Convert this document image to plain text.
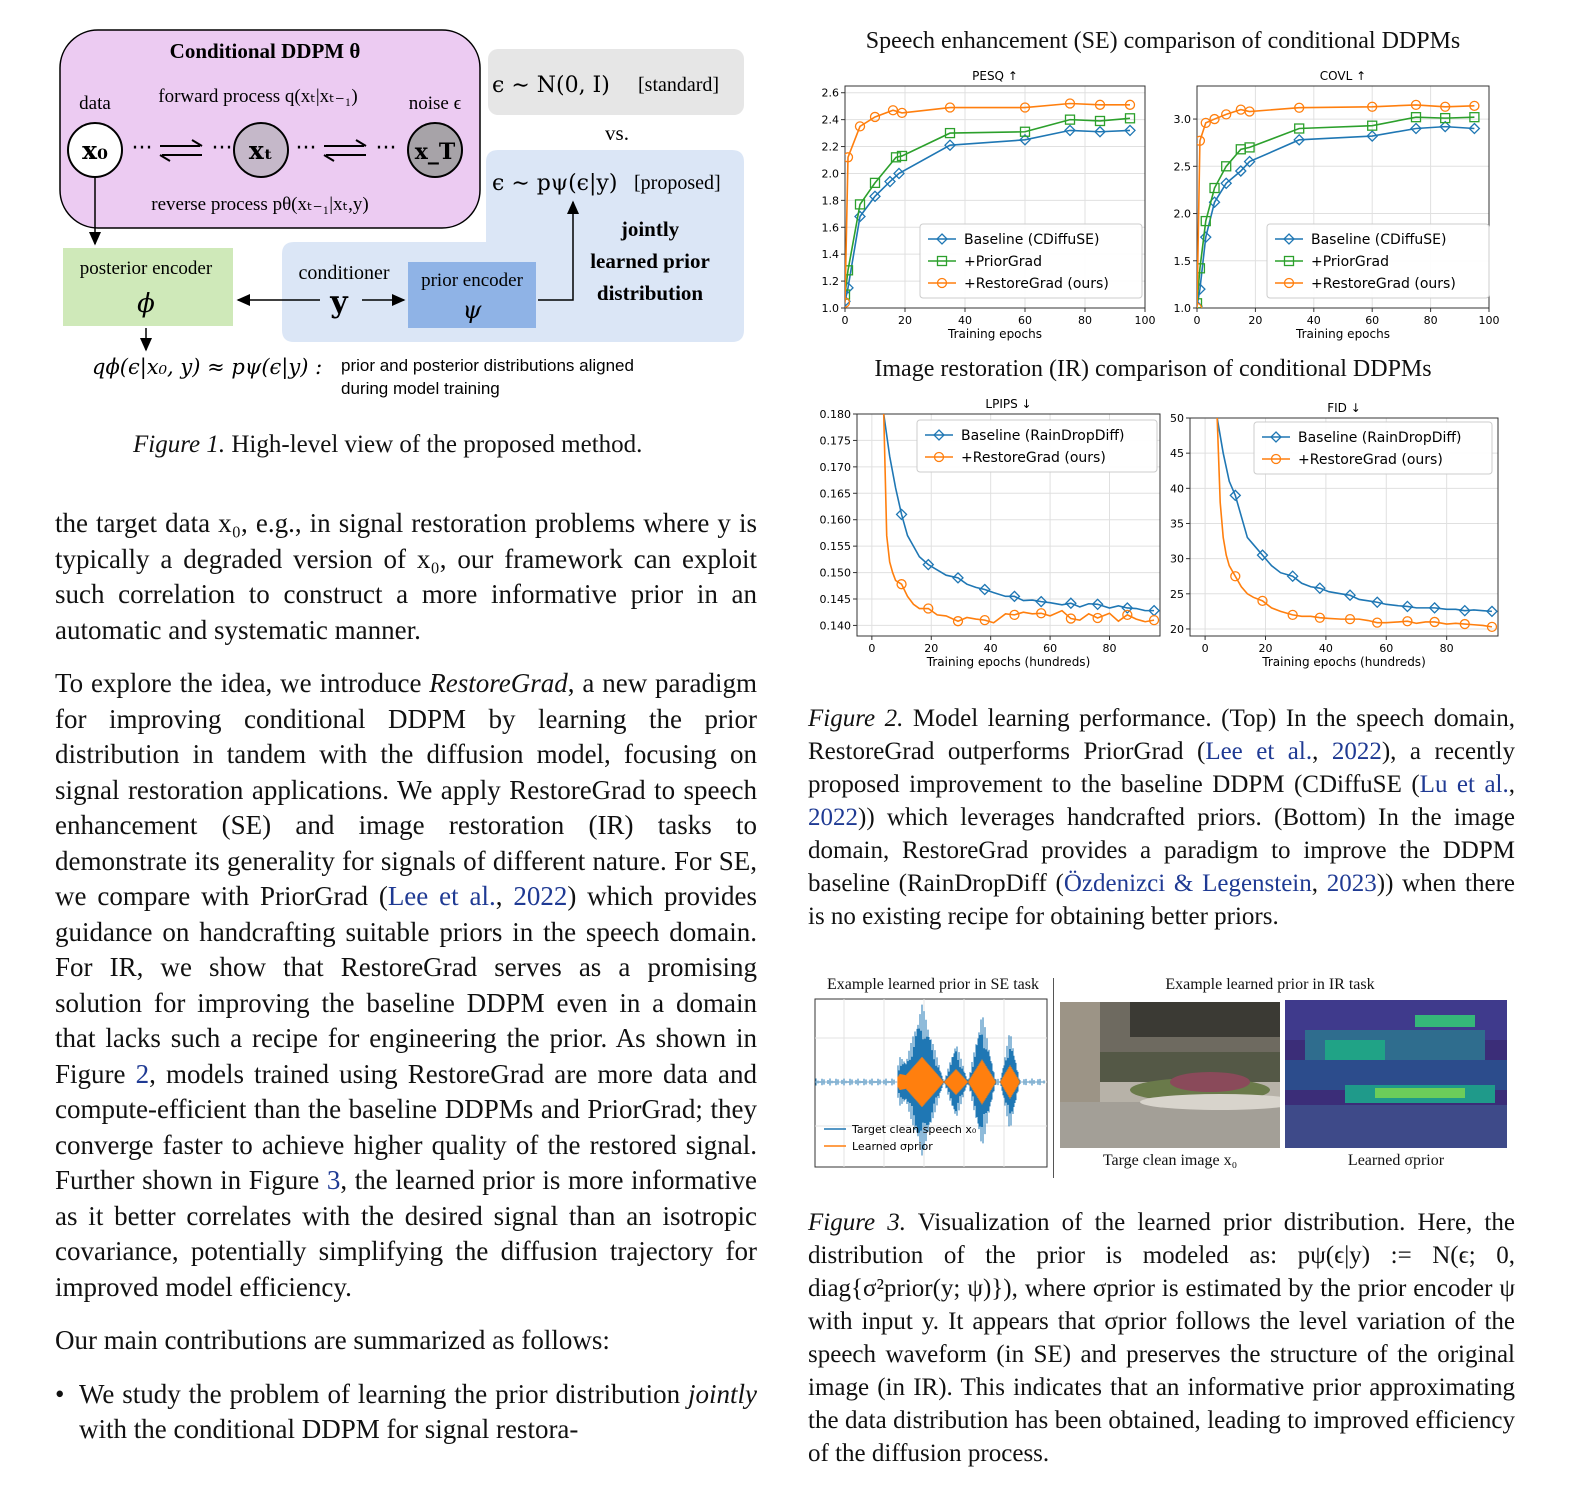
Conditional DDPM θ
data forward process q(xₜ|xₜ₋₁)	noise ϵ
x₀ ···	··· xₜ ···	··· x_T
reverse process pθ(xₜ₋₁|xₜ,y)
ϵ ∼ N(0, I) [standard]
vs.
ϵ ∼ pψ(ϵ|y) [proposed]
jointly
learned prior
distribution
posterior encoder
ϕ
conditioner
y
prior encoder
ψ
qϕ(ϵ|x₀, y) ≈ pψ(ϵ|y) : prior and posterior distributions aligned
during model training
Figure 1. High-level view of the proposed method.

the target data x₀, e.g., in signal restoration problems where y is typically a degraded version of x₀, our framework can exploit such correlation to construct a more informative prior in an automatic and systematic manner.

To explore the idea, we introduce RestoreGrad, a new paradigm for improving conditional DDPM by learning the prior distribution in tandem with the diffusion model, focusing on signal restoration applications. We apply RestoreGrad to speech enhancement (SE) and image restoration (IR) tasks to demonstrate its generality for signals of different nature. For SE, we compare with PriorGrad (Lee et al., 2022) which provides guidance on handcrafting suitable priors in the speech domain. For IR, we show that RestoreGrad serves as a promising solution for improving the baseline DDPM even in a domain that lacks such a recipe for engineering the prior. As shown in Figure 2, models trained using RestoreGrad are more data and compute-efficient than the baseline DDPMs and PriorGrad; they converge faster to achieve higher quality of the restored signal. Further shown in Figure 3, the learned prior is more informative as it better correlates with the desired signal than an isotropic covariance, potentially simplifying the diffusion trajectory for improved model efficiency.

Our main contributions are summarized as follows:

• We study the problem of learning the prior distribution jointly with the conditional DDPM for signal restora-
Speech enhancement (SE) comparison of conditional DDPMs
PESQ ↑
0	20	40	60	80	100
1.0
1.2
1.4
1.6
1.8
2.0
2.2
2.4
2.6
Training epochs
Baseline (CDiffuSE)
+PriorGrad
+RestoreGrad (ours)
COVL ↑
0	20	40	60	80	100
1.0
1.5
2.0
2.5
3.0
Training epochs
Baseline (CDiffuSE)
+PriorGrad
+RestoreGrad (ours)
Image restoration (IR) comparison of conditional DDPMs
LPIPS ↓
0	20	40	60	80
0.140
0.145
0.150
0.155
0.160
0.165
0.170
0.175
0.180
Training epochs (hundreds)
Baseline (RainDropDiff)
+RestoreGrad (ours)
FID ↓
0	20	40	60	80
20
25
30
35
40
45
50
Training epochs (hundreds)
Baseline (RainDropDiff)
+RestoreGrad (ours)
Figure 2. Model learning performance. (Top) In the speech domain, RestoreGrad outperforms PriorGrad (Lee et al., 2022), a recently proposed improvement to the baseline DDPM (CDiffuSE (Lu et al., 2022)) which leverages handcrafted priors. (Bottom) In the image domain, RestoreGrad provides a paradigm to improve the DDPM baseline (RainDropDiff (Özdenizci & Legenstein, 2023)) when there is no existing recipe for obtaining better priors.
Example learned prior in SE task	Example learned prior in IR task
Target clean speech x₀
Learned σprior
Targe clean image x₀	Learned σprior
Figure 3. Visualization of the learned prior distribution. Here, the distribution of the prior is modeled as: pψ(ϵ|y) := N(ϵ; 0, diag{σ²prior(y; ψ)}), where σprior is estimated by the prior encoder ψ with input y. It appears that σprior follows the level variation of the speech waveform (in SE) and preserves the structure of the original image (in IR). This indicates that an informative prior approximating the data distribution has been obtained, leading to improved efficiency of the diffusion process.
